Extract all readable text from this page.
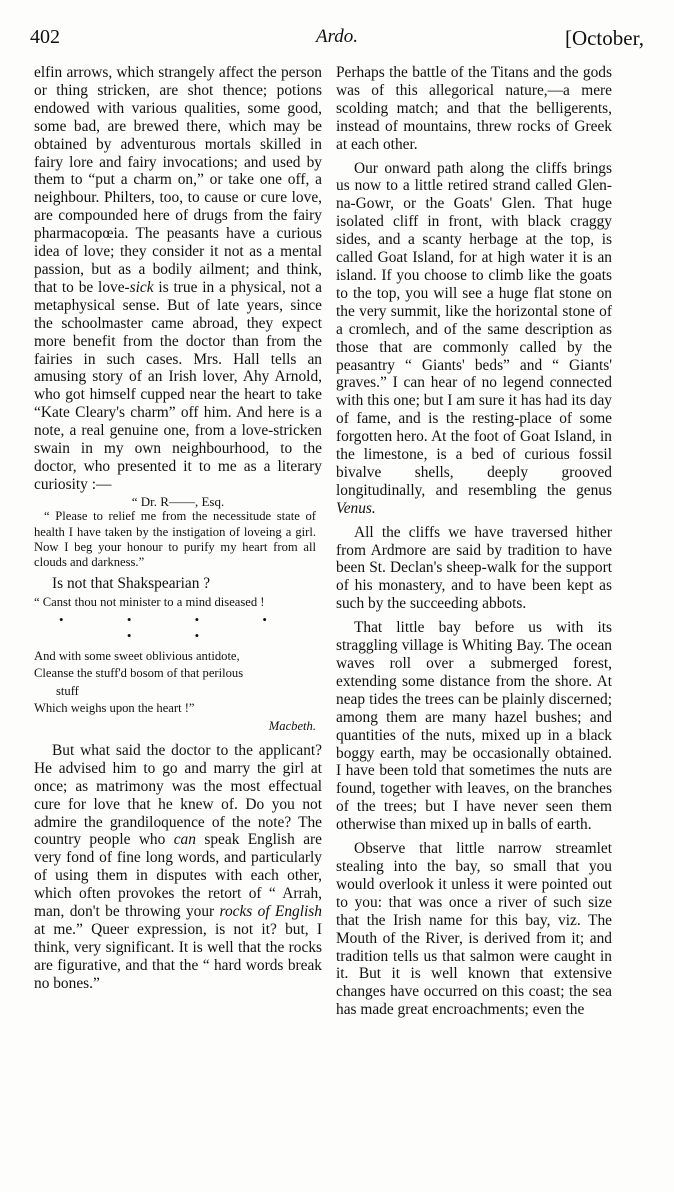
402	Ardo.	[October,

elfin arrows, which strangely affect the person or thing stricken, are shot thence; potions endowed with various qualities, some good, some bad, are brewed there, which may be obtained by adventurous mortals skilled in fairy lore and fairy invocations; and used by them to “put a charm on,” or take one off, a neighbour. Philters, too, to cause or cure love, are compounded here of drugs from the fairy pharmacopœia. The peasants have a curious idea of love; they consider it not as a mental passion, but as a bodily ailment; and think, that to be love-sick is true in a physical, not a metaphysical sense. But of late years, since the schoolmaster came abroad, they expect more benefit from the doctor than from the fairies in such cases. Mrs. Hall tells an amusing story of an Irish lover, Ahy Arnold, who got himself cupped near the heart to take “Kate Cleary's charm” off him. And here is a note, a real genuine one, from a love-stricken swain in my own neighbourhood, to the doctor, who presented it to me as a literary curiosity :—

“ Dr. R——, Esq.

“ Please to relief me from the necessitude state of health I have taken by the instigation of loveing a girl. Now I beg your honour to purify my heart from all clouds and darkness.”

Is not that Shakspearian ?

“ Canst thou not minister to a mind diseased !

• • • • • •

And with some sweet oblivious antidote,

Cleanse the stuff'd bosom of that perilous

stuff

Which weighs upon the heart !”

Macbeth.

But what said the doctor to the applicant? He advised him to go and marry the girl at once; as matrimony was the most effectual cure for love that he knew of. Do you not admire the grandiloquence of the note? The country people who can speak English are very fond of fine long words, and particularly of using them in disputes with each other, which often provokes the retort of “ Arrah, man, don't be throwing your rocks of English at me.” Queer expression, is not it? but, I think, very significant. It is well that the rocks are figurative, and that the “ hard words break no bones.”

Perhaps the battle of the Titans and the gods was of this allegorical nature,—a mere scolding match; and that the belligerents, instead of mountains, threw rocks of Greek at each other.

Our onward path along the cliffs brings us now to a little retired strand called Glen-na-Gowr, or the Goats' Glen. That huge isolated cliff in front, with black craggy sides, and a scanty herbage at the top, is called Goat Island, for at high water it is an island. If you choose to climb like the goats to the top, you will see a huge flat stone on the very summit, like the horizontal stone of a cromlech, and of the same description as those that are commonly called by the peasantry “ Giants' beds” and “ Giants' graves.” I can hear of no legend connected with this one; but I am sure it has had its day of fame, and is the resting-place of some forgotten hero. At the foot of Goat Island, in the limestone, is a bed of curious fossil bivalve shells, deeply grooved longitudinally, and resembling the genus Venus.

All the cliffs we have traversed hither from Ardmore are said by tradition to have been St. Declan's sheep-walk for the support of his monastery, and to have been kept as such by the succeeding abbots.

That little bay before us with its straggling village is Whiting Bay. The ocean waves roll over a submerged forest, extending some distance from the shore. At neap tides the trees can be plainly discerned; among them are many hazel bushes; and quantities of the nuts, mixed up in a black boggy earth, may be occasionally obtained. I have been told that sometimes the nuts are found, together with leaves, on the branches of the trees; but I have never seen them otherwise than mixed up in balls of earth.

Observe that little narrow streamlet stealing into the bay, so small that you would overlook it unless it were pointed out to you: that was once a river of such size that the Irish name for this bay, viz. The Mouth of the River, is derived from it; and tradition tells us that salmon were caught in it. But it is well known that extensive changes have occurred on this coast; the sea has made great encroachments; even the
